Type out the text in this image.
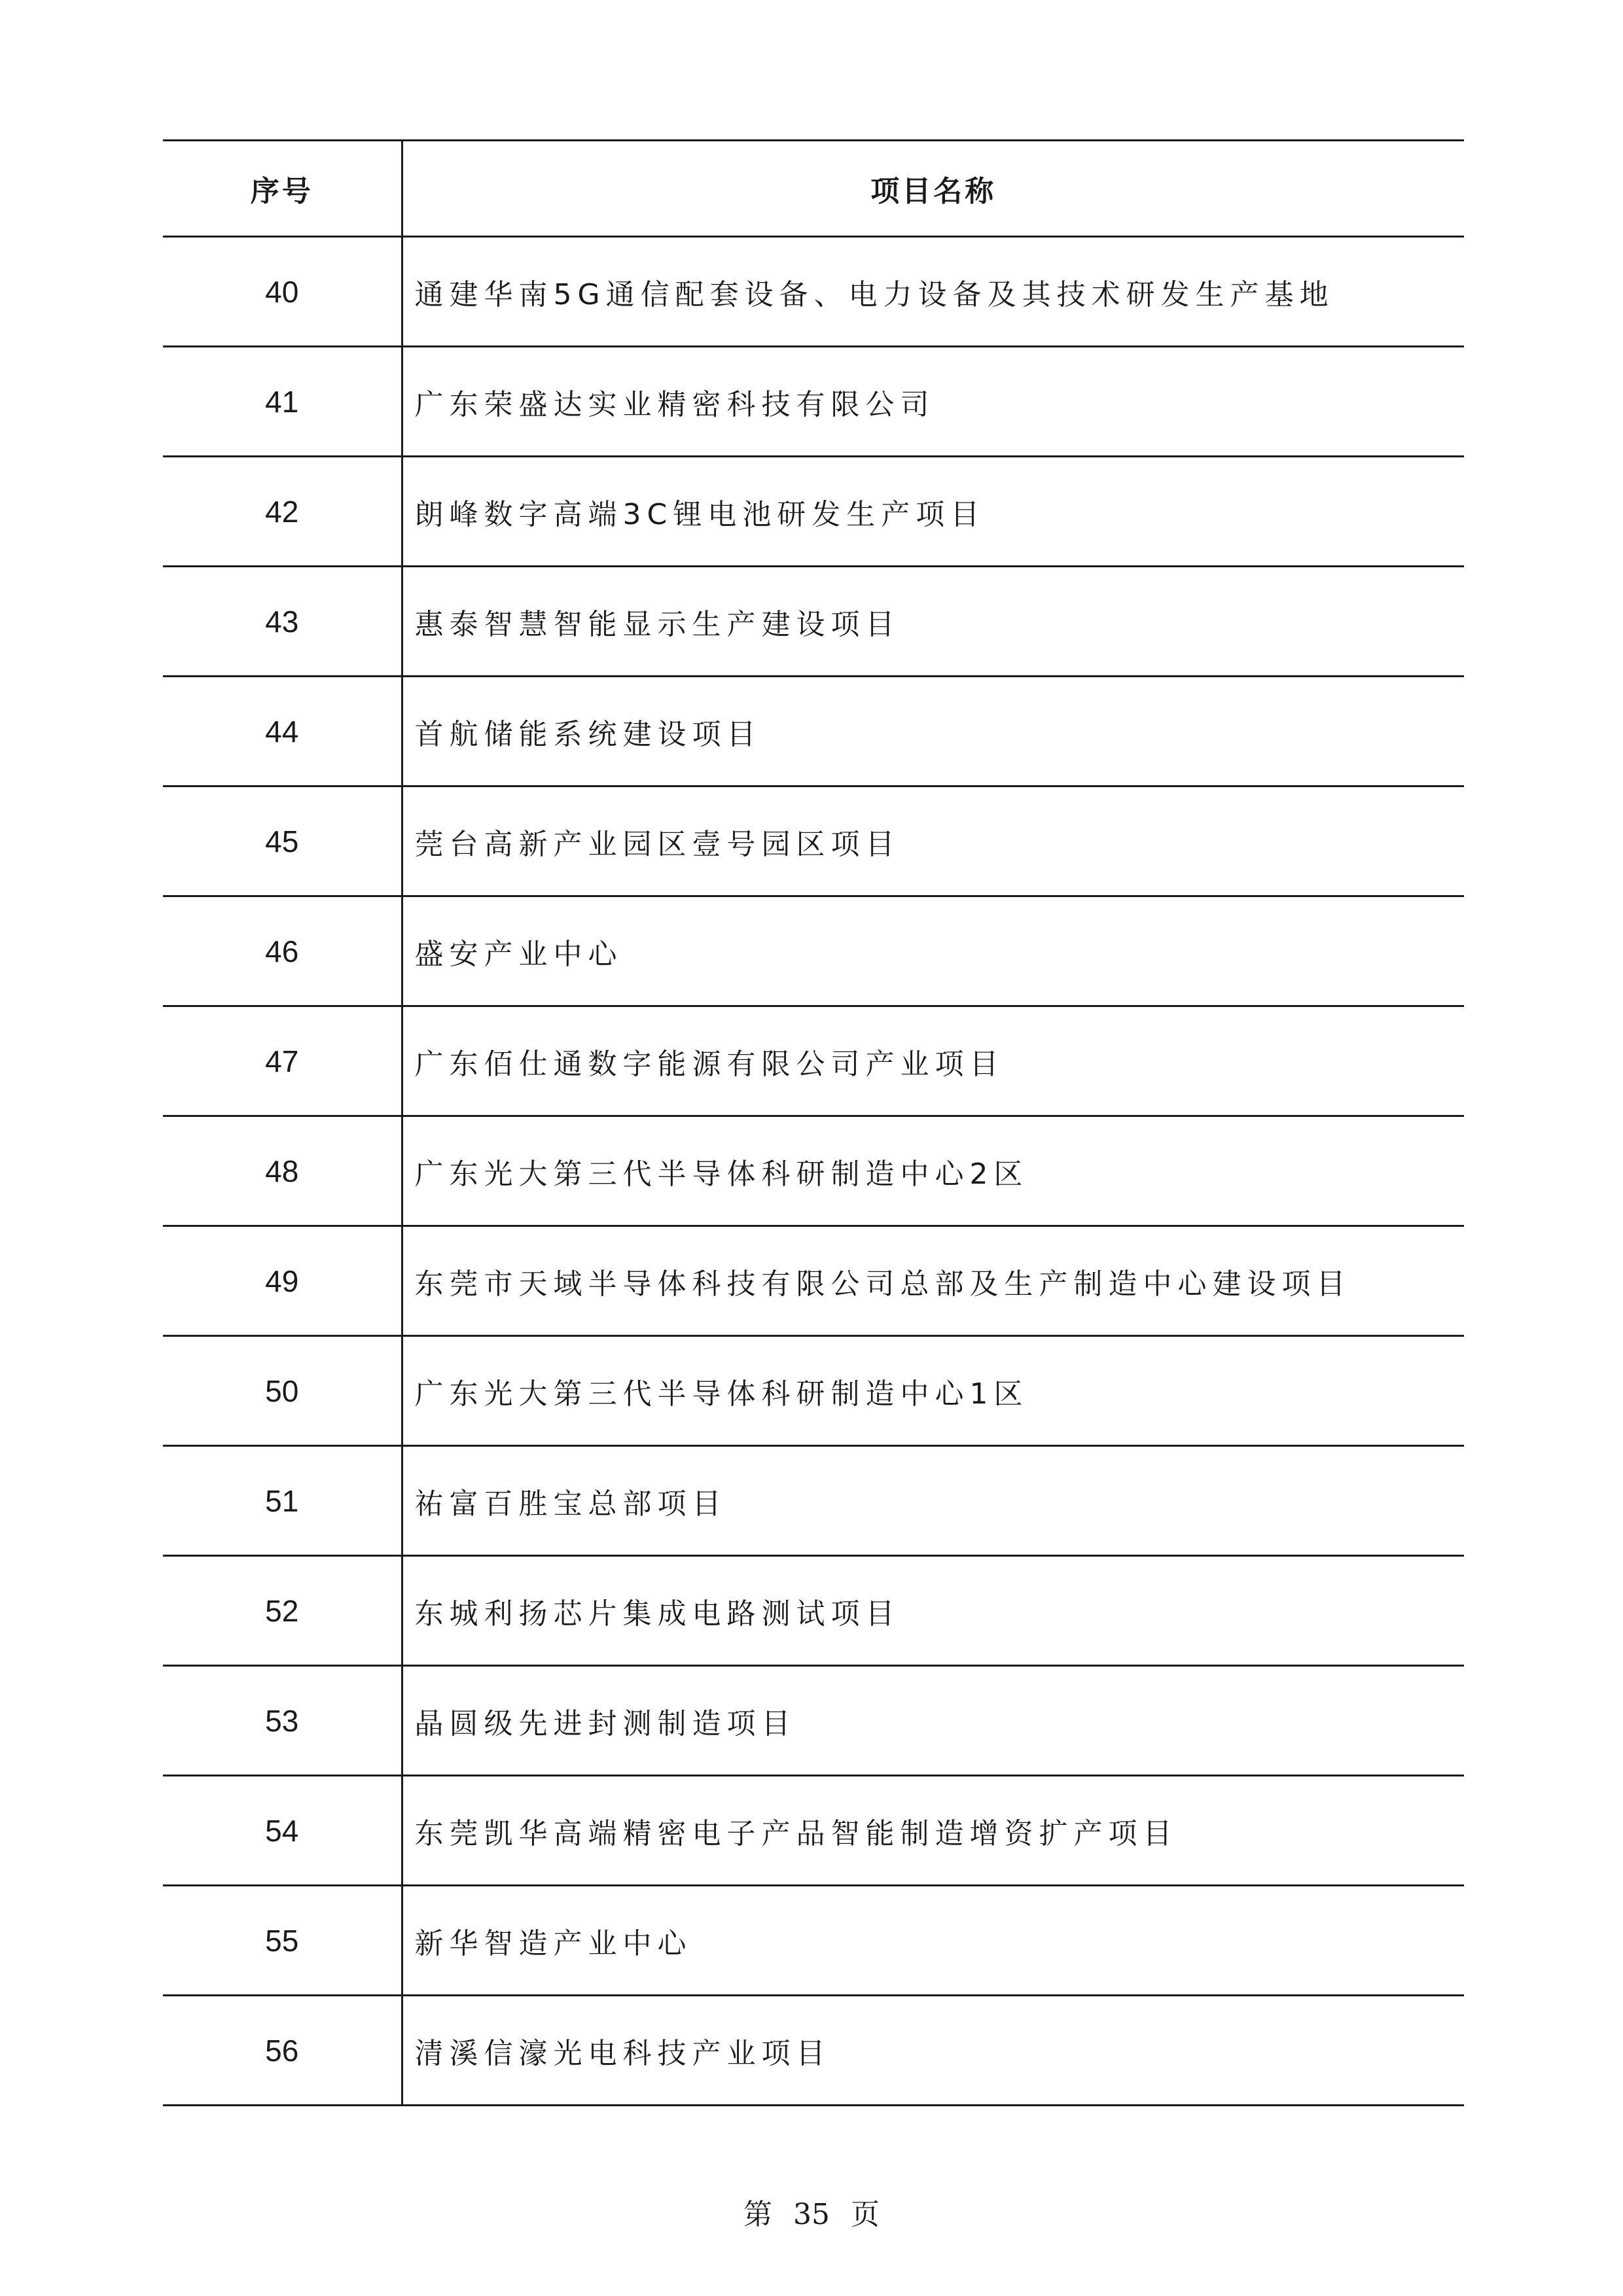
序号	项目名称
40	通建华南5G通信配套设备、电力设备及其技术研发生产基地
41	广东荣盛达实业精密科技有限公司
42	朗峰数字高端3C锂电池研发生产项目
43	惠泰智慧智能显示生产建设项目
44	首航储能系统建设项目
45	莞台高新产业园区壹号园区项目
46	盛安产业中心
47	广东佰仕通数字能源有限公司产业项目
48	广东光大第三代半导体科研制造中心2区
49	东莞市天域半导体科技有限公司总部及生产制造中心建设项目
50	广东光大第三代半导体科研制造中心1区
51	祐富百胜宝总部项目
52	东城利扬芯片集成电路测试项目
53	晶圆级先进封测制造项目
54	东莞凯华高端精密电子产品智能制造增资扩产项目
55	新华智造产业中心
56	清溪信濠光电科技产业项目
第 35 页
